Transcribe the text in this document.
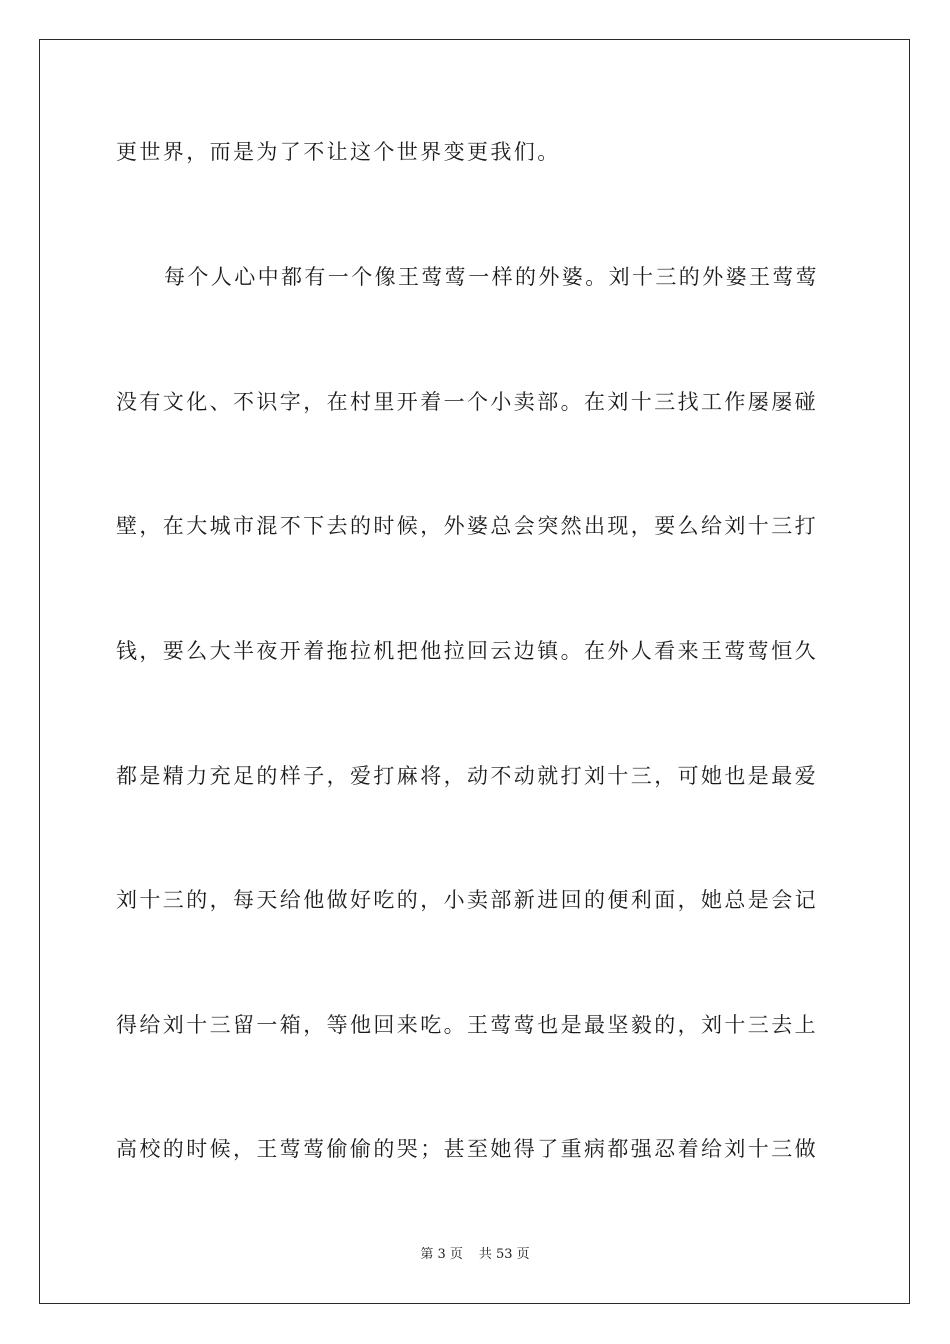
更世界，而是为了不让这个世界变更我们。
每个人心中都有一个像王莺莺一样的外婆。刘十三的外婆王莺莺
没有文化、不识字，在村里开着一个小卖部。在刘十三找工作屡屡碰
壁，在大城市混不下去的时候，外婆总会突然出现，要么给刘十三打
钱，要么大半夜开着拖拉机把他拉回云边镇。在外人看来王莺莺恒久
都是精力充足的样子，爱打麻将，动不动就打刘十三，可她也是最爱
刘十三的，每天给他做好吃的，小卖部新进回的便利面，她总是会记
得给刘十三留一箱，等他回来吃。王莺莺也是最坚毅的，刘十三去上
高校的时候，王莺莺偷偷的哭；甚至她得了重病都强忍着给刘十三做
第 3 页 共 53 页
